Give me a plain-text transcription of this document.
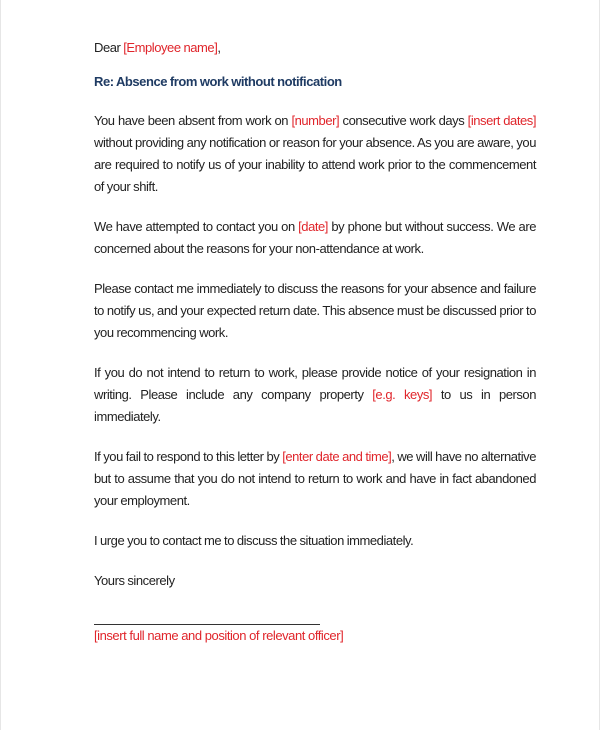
Dear [Employee name],

Re: Absence from work without notification

You have been absent from work on [number] consecutive work days [insert dates] without providing any notification or reason for your absence. As you are aware, you are required to notify us of your inability to attend work prior to the commencement of your shift.

We have attempted to contact you on [date] by phone but without success. We are concerned about the reasons for your non-attendance at work.

Please contact me immediately to discuss the reasons for your absence and failure to notify us, and your expected return date. This absence must be discussed prior to you recommencing work.

If you do not intend to return to work, please provide notice of your resignation in writing. Please include any company property [e.g. keys] to us in person immediately.

If you fail to respond to this letter by [enter date and time], we will have no alternative but to assume that you do not intend to return to work and have in fact abandoned your employment.

I urge you to contact me to discuss the situation immediately.

Yours sincerely

[insert full name and position of relevant officer]
